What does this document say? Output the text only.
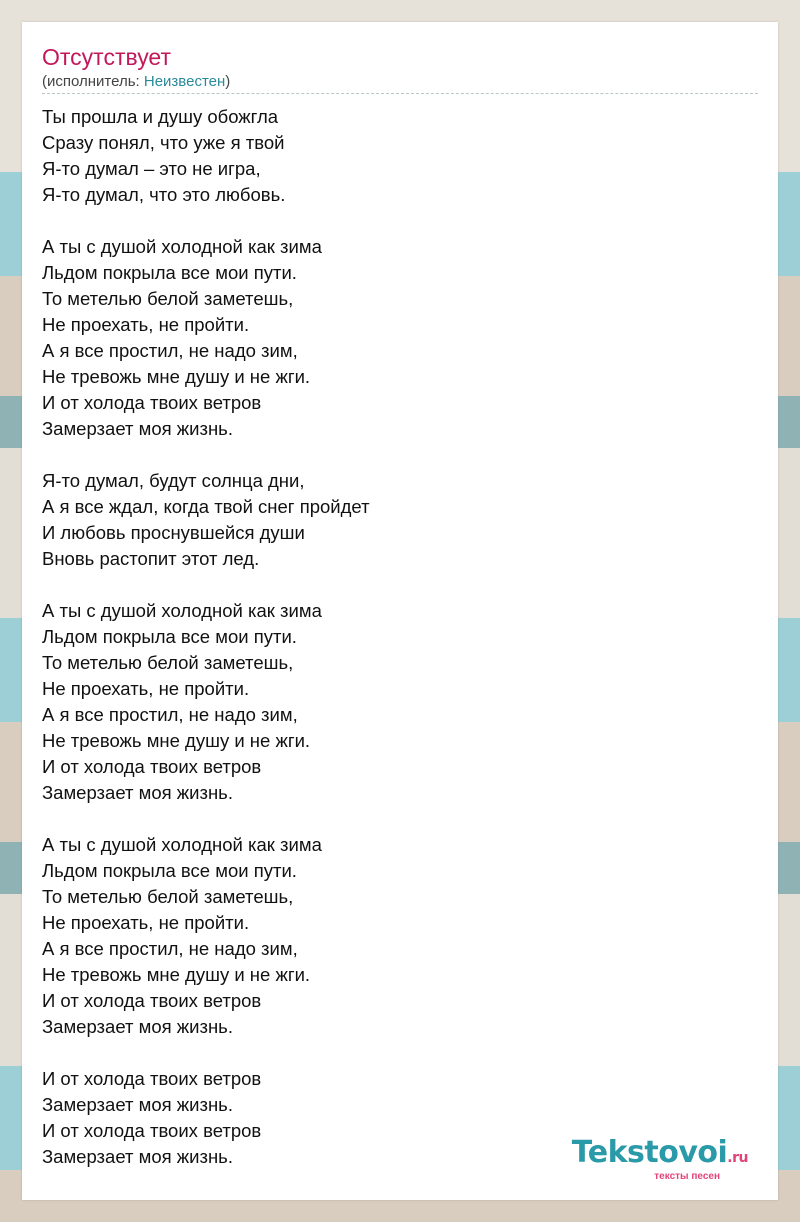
Отсутствует
(исполнитель: Неизвестен)
Ты прошла и душу обожгла
Сразу понял, что уже я твой
Я-то думал – это не игра,
Я-то думал, что это любовь.

А ты с душой холодной как зима
Льдом покрыла все мои пути.
То метелью белой заметешь,
Не проехать, не пройти.
А я все простил, не надо зим,
Не тревожь мне душу и не жги.
И от холода твоих ветров
Замерзает моя жизнь.

Я-то думал, будут солнца дни,
А я все ждал, когда твой снег пройдет
И любовь проснувшейся души
Вновь растопит этот лед.

А ты с душой холодной как зима
Льдом покрыла все мои пути.
То метелью белой заметешь,
Не проехать, не пройти.
А я все простил, не надо зим,
Не тревожь мне душу и не жги.
И от холода твоих ветров
Замерзает моя жизнь.

А ты с душой холодной как зима
Льдом покрыла все мои пути.
То метелью белой заметешь,
Не проехать, не пройти.
А я все простил, не надо зим,
Не тревожь мне душу и не жги.
И от холода твоих ветров
Замерзает моя жизнь.

И от холода твоих ветров
Замерзает моя жизнь.
И от холода твоих ветров
Замерзает моя жизнь.	Tekstovoi.ru
тексты песен
